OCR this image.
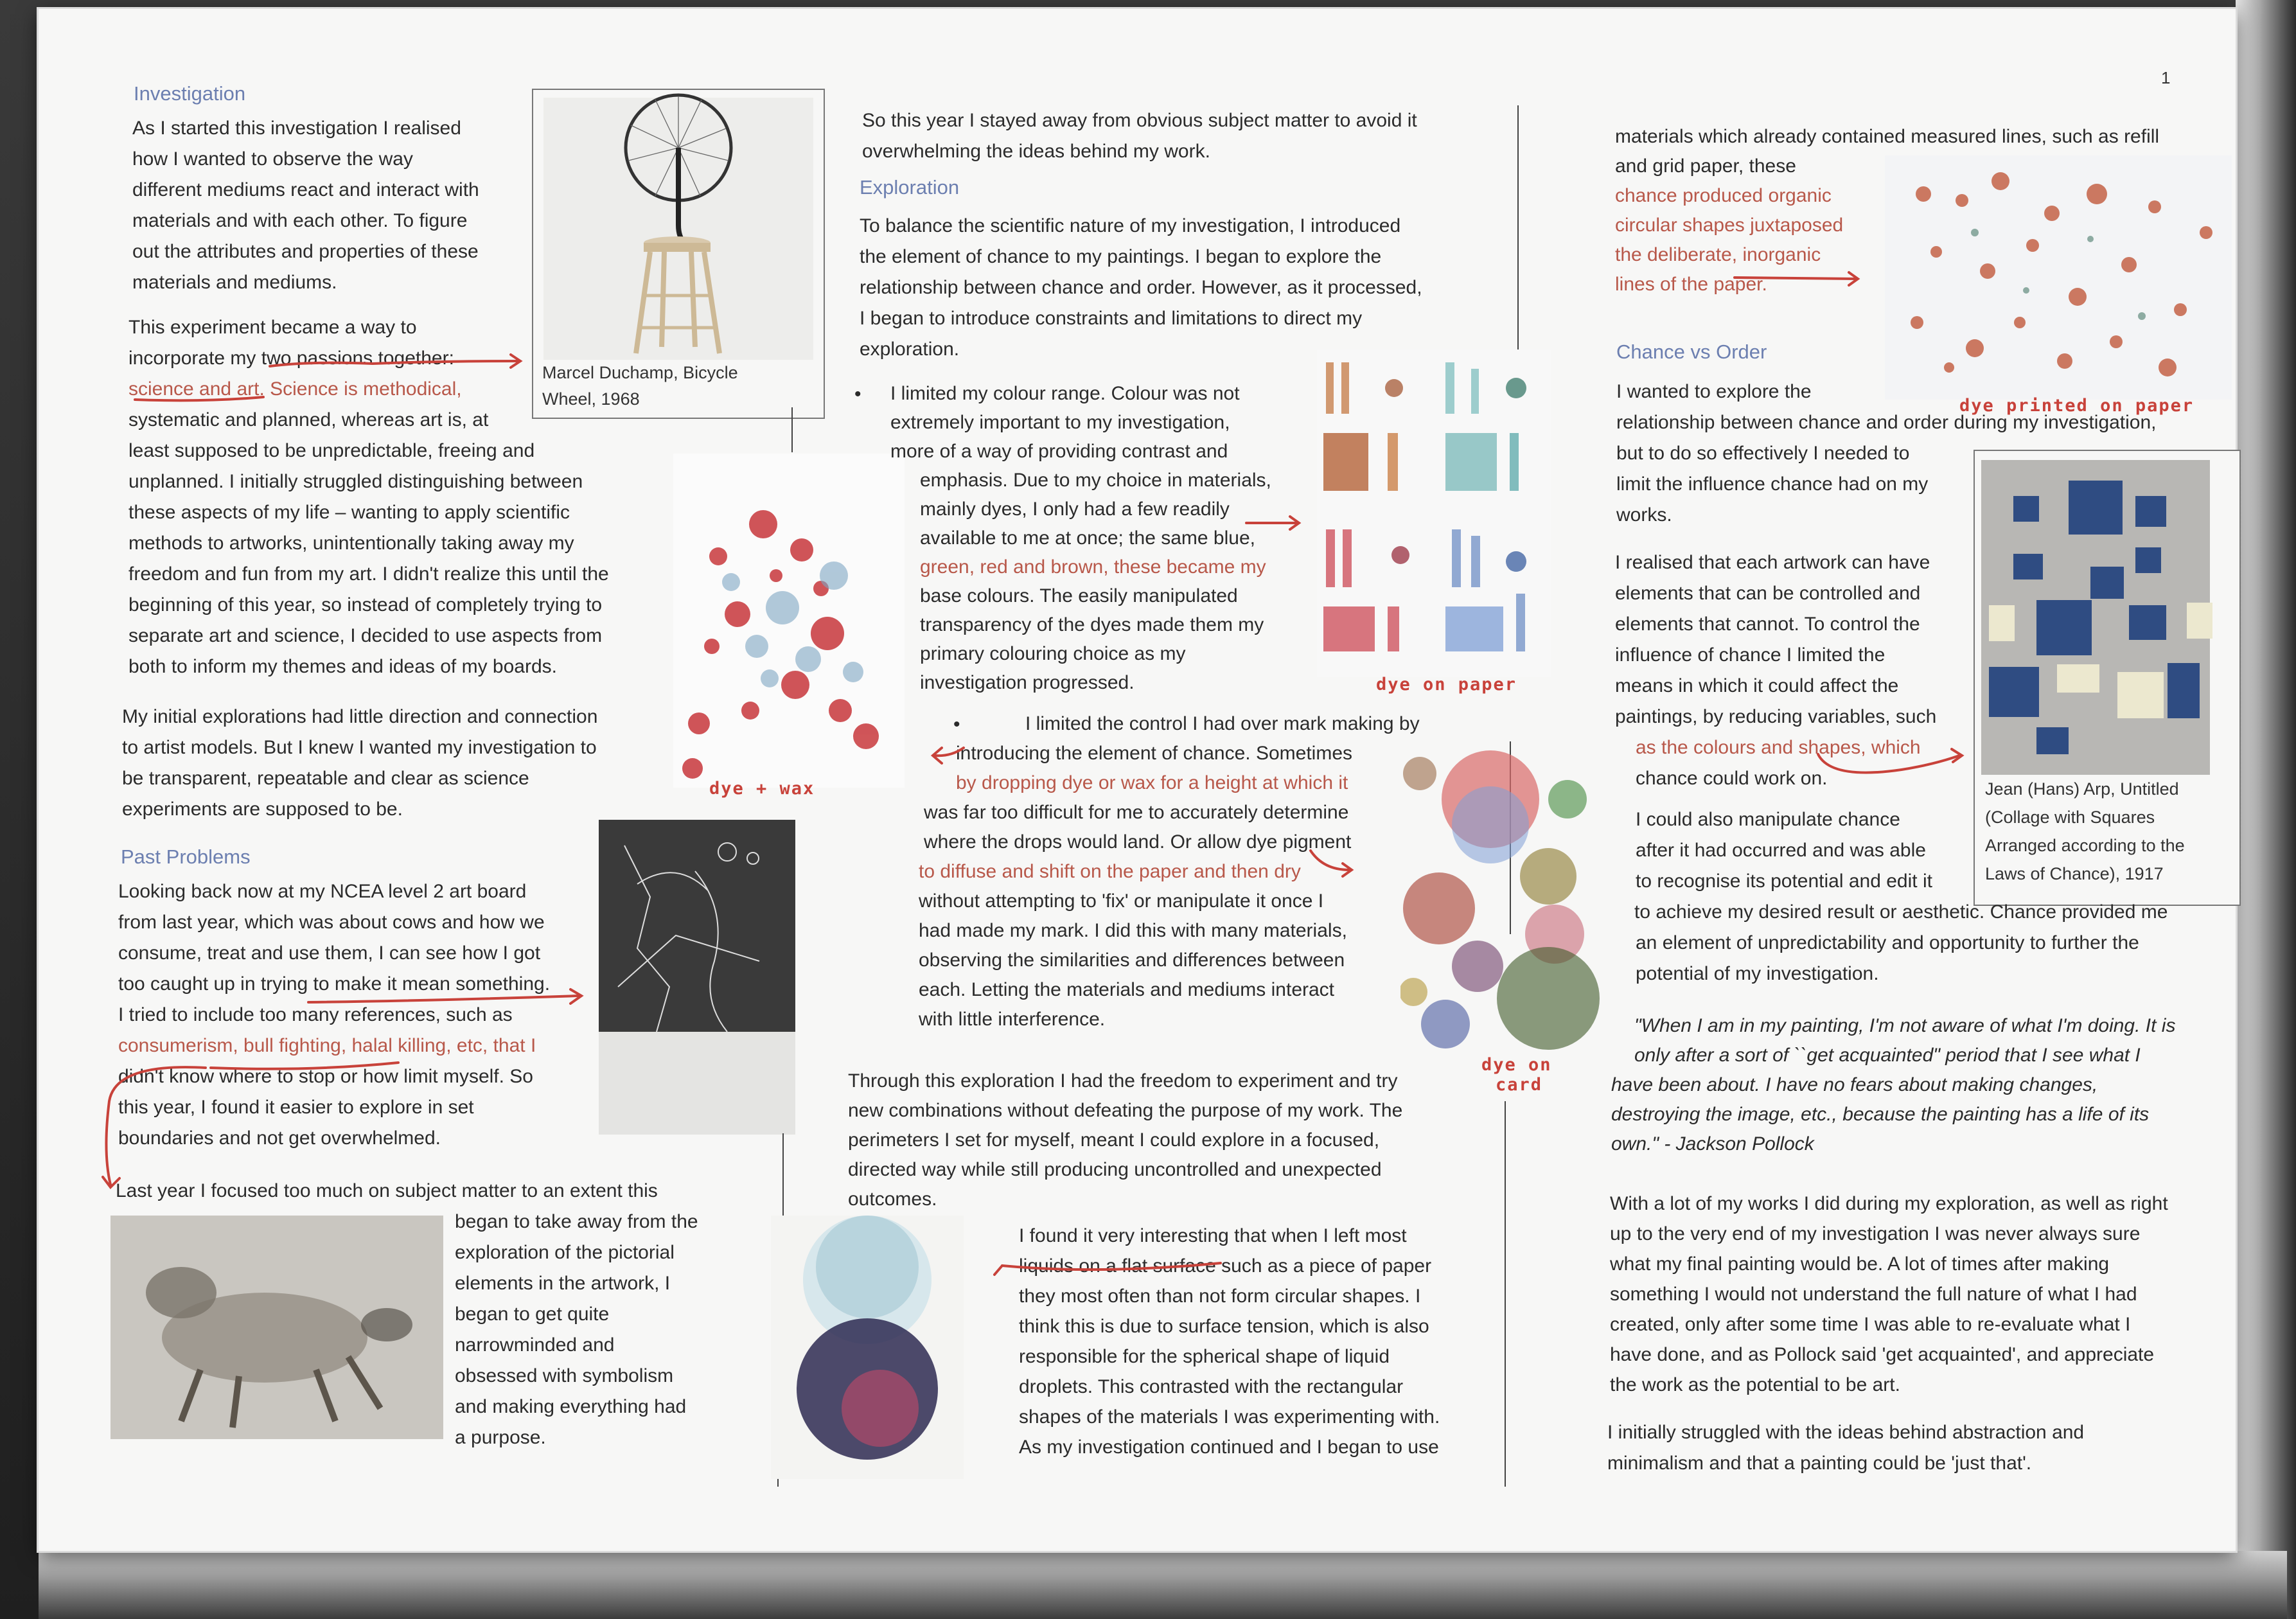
1
Investigation
As I started this investigation I realised
how I wanted to observe the way
different mediums react and interact with
materials and with each other. To figure
out the attributes and properties of these
materials and mediums.
This experiment became a way to
incorporate my two passions together:
science and art. Science is methodical,
systematic and planned, whereas art is, at
least supposed to be unpredictable, freeing and
unplanned. I initially struggled distinguishing between
these aspects of my life – wanting to apply scientific
methods to artworks, unintentionally taking away my
freedom and fun from my art. I didn't realize this until the
beginning of this year, so instead of completely trying to
separate art and science, I decided to use aspects from
both to inform my themes and ideas of my boards.
My initial explorations had little direction and connection
to artist models. But I knew I wanted my investigation to
be transparent, repeatable and clear as science
experiments are supposed to be.
Past Problems
Looking back now at my NCEA level 2 art board
from last year, which was about cows and how we
consume, treat and use them, I can see how I got
too caught up in trying to make it mean something.
I tried to include too many references, such as
consumerism, bull fighting, halal killing, etc, that I
didn't know where to stop or how limit myself. So
this year, I found it easier to explore in set
boundaries and not get overwhelmed.
Last year I focused too much on subject matter to an extent this
began to take away from the
exploration of the pictorial
elements in the artwork, I
began to get quite
narrowminded and
obsessed with symbolism
and making everything had
a purpose.
Marcel Duchamp, Bicycle
Wheel, 1968
dye + wax
So this year I stayed away from obvious subject matter to avoid it
overwhelming the ideas behind my work.
Exploration
To balance the scientific nature of my investigation, I introduced
the element of chance to my paintings. I began to explore the
relationship between chance and order. However, as it processed,
I began to introduce constraints and limitations to direct my
exploration.
• I limited my colour range. Colour was not
extremely important to my investigation,
more of a way of providing contrast and
emphasis. Due to my choice in materials,
mainly dyes, I only had a few readily
available to me at once; the same blue,
green, red and brown, these became my
base colours. The easily manipulated
transparency of the dyes made them my
primary colouring choice as my
investigation progressed.	dye on paper
•	I limited the control I had over mark making by
introducing the element of chance. Sometimes
by dropping dye or wax for a height at which it
was far too difficult for me to accurately determine
where the drops would land. Or allow dye pigment
to diffuse and shift on the paper and then dry
without attempting to 'fix' or manipulate it once I
had made my mark. I did this with many materials,
observing the similarities and differences between
each. Letting the materials and mediums interact
with little interference.
dye on
card
Through this exploration I had the freedom to experiment and try
new combinations without defeating the purpose of my work. The
perimeters I set for myself, meant I could explore in a focused,
directed way while still producing uncontrolled and unexpected
outcomes.
I found it very interesting that when I left most
liquids on a flat surface such as a piece of paper
they most often than not form circular shapes. I
think this is due to surface tension, which is also
responsible for the spherical shape of liquid
droplets. This contrasted with the rectangular
shapes of the materials I was experimenting with.
As my investigation continued and I began to use
materials which already contained measured lines, such as refill
and grid paper, these
chance produced organic
circular shapes juxtaposed
the deliberate, inorganic
lines of the paper.
dye printed on paper
Chance vs Order
I wanted to explore the
relationship between chance and order during my investigation,
but to do so effectively I needed to
limit the influence chance had on my
works.
I realised that each artwork can have
elements that can be controlled and
elements that cannot. To control the
influence of chance I limited the
means in which it could affect the
paintings, by reducing variables, such
as the colours and shapes, which
chance could work on.	Jean (Hans) Arp, Untitled
(Collage with Squares
Arranged according to the
Laws of Chance), 1917
I could also manipulate chance
after it had occurred and was able
to recognise its potential and edit it
to achieve my desired result or aesthetic. Chance provided me
an element of unpredictability and opportunity to further the
potential of my investigation.
"When I am in my painting, I'm not aware of what I'm doing. It is
only after a sort of ``get acquainted" period that I see what I
have been about. I have no fears about making changes,
destroying the image, etc., because the painting has a life of its
own." - Jackson Pollock
With a lot of my works I did during my exploration, as well as right
up to the very end of my investigation I was never always sure
what my final painting would be. A lot of times after making
something I would not understand the full nature of what I had
created, only after some time I was able to re-evaluate what I
have done, and as Pollock said 'get acquainted', and appreciate
the work as the potential to be art.
I initially struggled with the ideas behind abstraction and
minimalism and that a painting could be 'just that'.
